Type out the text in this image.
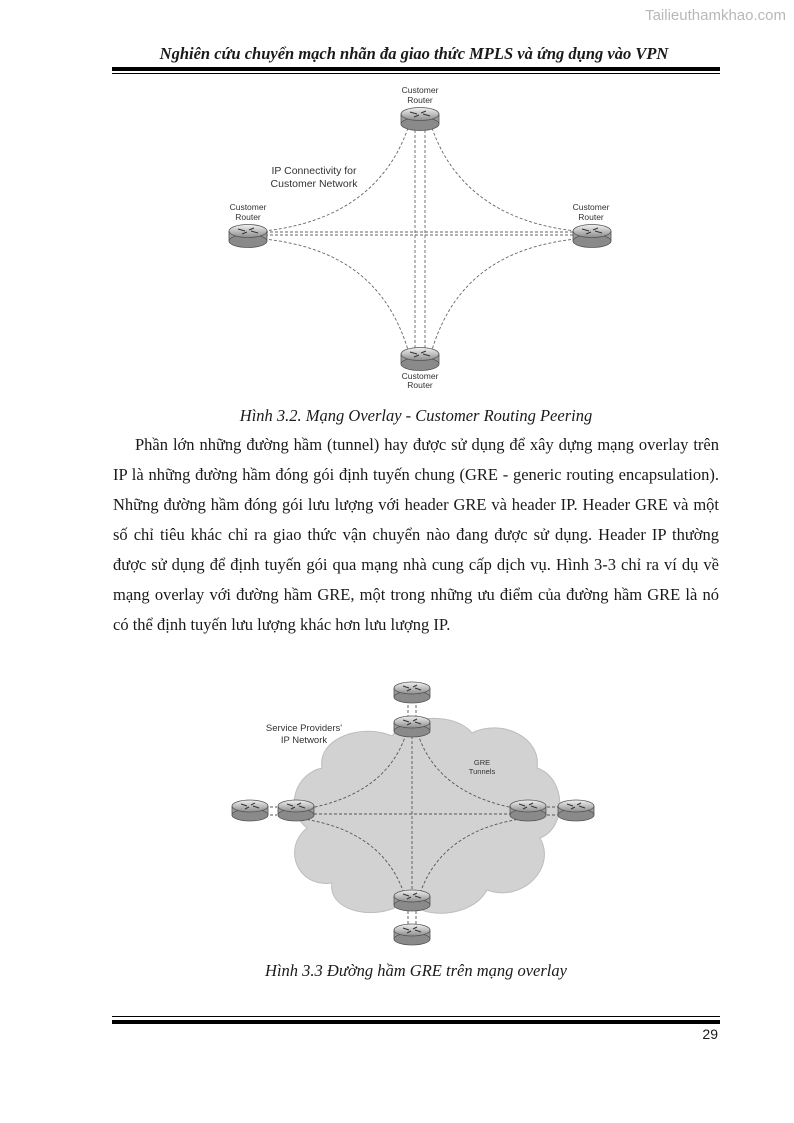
Tailieuthamkhao.com
Nghiên cứu chuyển mạch nhãn đa giao thức MPLS và ứng dụng vào VPN
Customer
Router
Customer
Router
Customer
Router
Customer
Router
IP Connectivity for
Customer Network
Hình 3.2. Mạng Overlay - Customer Routing Peering

Phần lớn những đường hầm (tunnel) hay được sử dụng để xây dựng mạng overlay trên IP là những đường hầm đóng gói định tuyến chung (GRE - generic routing encapsulation). Những đường hầm đóng gói lưu lượng với header GRE và header IP. Header GRE và một số chỉ tiêu khác chỉ ra giao thức vận chuyển nào đang được sử dụng. Header IP thường được sử dụng để định tuyến gói qua mạng nhà cung cấp dịch vụ. Hình 3-3 chỉ ra ví dụ về mạng overlay với đường hầm GRE, một trong những ưu điểm của đường hầm GRE là nó có thể định tuyến lưu lượng khác hơn lưu lượng IP.

Service Providers'
IP Network
GRE
Tunnels
Hình 3.3 Đường hầm GRE trên mạng overlay
29
